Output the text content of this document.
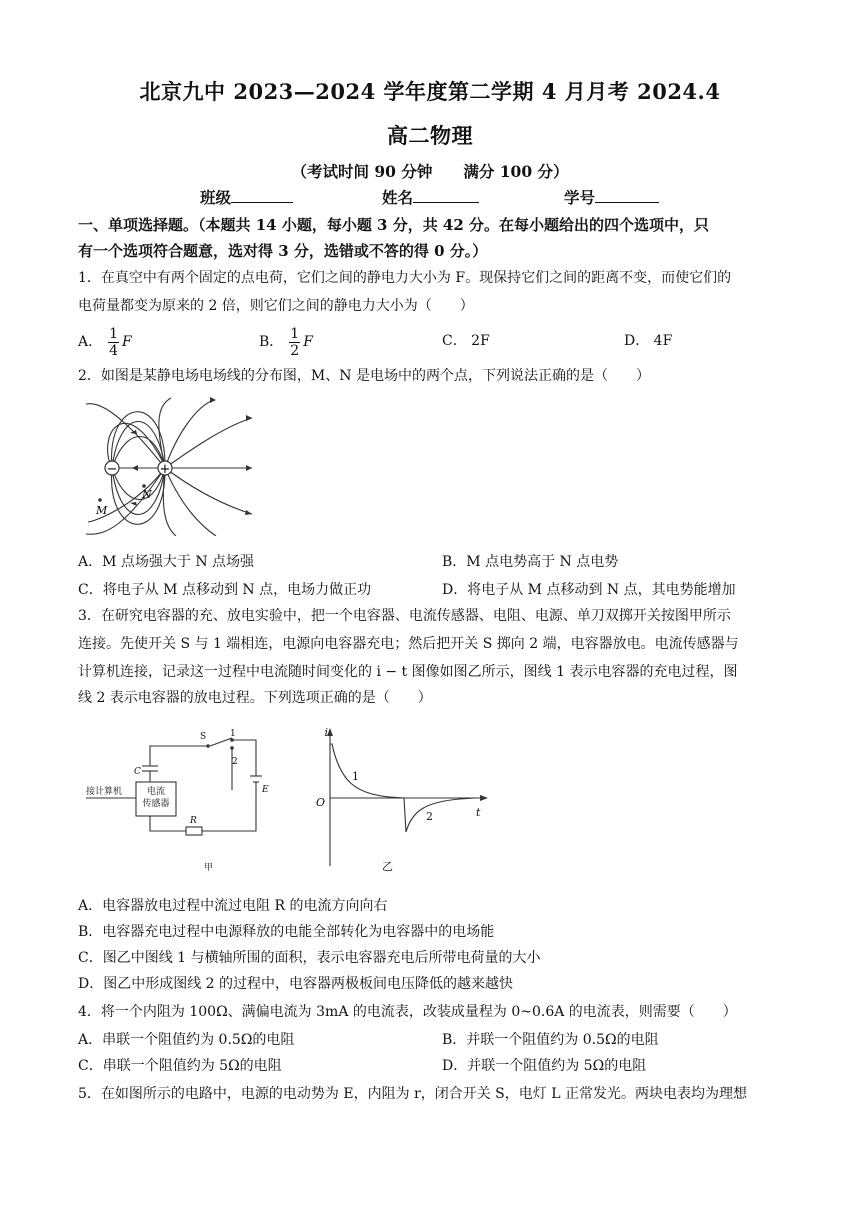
北京九中 2023—2024 学年度第二学期 4 月月考 2024.4
高二物理
（考试时间 90 分钟　　满分 100 分）
班级	姓名	学号
一、单项选择题。（本题共 14 小题，每小题 3 分，共 42 分。在每小题给出的四个选项中，只
有一个选项符合题意，选对得 3 分，选错或不答的得 0 分。）
1．在真空中有两个固定的点电荷，它们之间的静电力大小为 F。现保持它们之间的距离不变，而使它们的
电荷量都变为原来的 2 倍，则它们之间的静电力大小为（　　）
A． $\frac{1}{4}$ F	B． $\frac{1}{2}$ F	C． 2F	D． 4F
2．如图是某静电场电场线的分布图，M、N 是电场中的两个点，下列说法正确的是（　　）
−	+
N
M
A．M 点场强大于 N 点场强	B．M 点电势高于 N 点电势
C．将电子从 M 点移动到 N 点，电场力做正功	D．将电子从 M 点移动到 N 点，其电势能增加
3．在研究电容器的充、放电实验中，把一个电容器、电流传感器、电阻、电源、单刀双掷开关按图甲所示
连接。先使开关 S 与 1 端相连，电源向电容器充电；然后把开关 S 掷向 2 端，电容器放电。电流传感器与
计算机连接，记录这一过程中电流随时间变化的 i − t 图像如图乙所示，图线 1 表示电容器的充电过程，图
线 2 表示电容器的放电过程。下列选项正确的是（　　）
接计算机	电流
传感器
C
R
S	1
2
E
甲
i
O
t
1
2
乙
A．电容器放电过程中流过电阻 R 的电流方向向右
B．电容器充电过程中电源释放的电能全部转化为电容器中的电场能
C．图乙中图线 1 与横轴所围的面积，表示电容器充电后所带电荷量的大小
D．图乙中形成图线 2 的过程中，电容器两极板间电压降低的越来越快
4．将一个内阻为 100Ω、满偏电流为 3mA 的电流表，改装成量程为 0~0.6A 的电流表，则需要（　　）
A．串联一个阻值约为 0.5Ω的电阻	B．并联一个阻值约为 0.5Ω的电阻
C．串联一个阻值约为 5Ω的电阻	D．并联一个阻值约为 5Ω的电阻
5．在如图所示的电路中，电源的电动势为 E，内阻为 r，闭合开关 S，电灯 L 正常发光。两块电表均为理想
